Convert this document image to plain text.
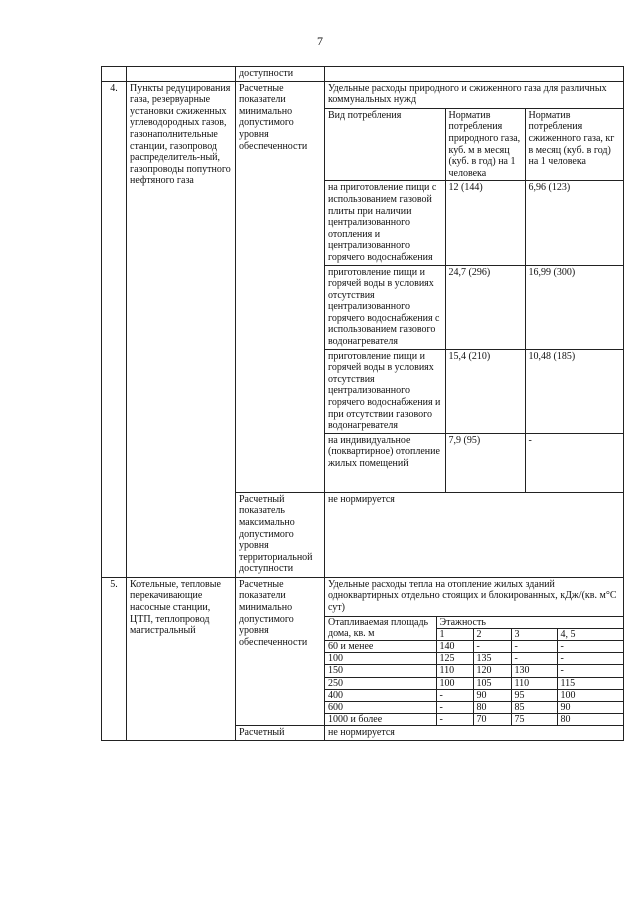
7
		доступности	
4.	Пункты редуцирования газа, резервуарные установки сжиженных углеводородных газов, газонаполнительные станции, газопровод распределитель-ный, газопроводы попутного нефтяного газа	Расчетные показатели минимально допустимого уровня обеспеченности	
Удельные расходы природного и сжиженного газа для различных коммунальных нужд
Вид потребления	Норматив потребления природного газа, куб. м в месяц (куб. в год) на 1 человека	Норматив потребления сжиженного газа, кг в месяц (куб. в год) на 1 человека
на приготовление пищи с использованием газовой плиты при наличии централизованного отопления и централизованного горячего водоснабжения	12 (144)	6,96 (123)
приготовление пищи и горячей воды в условиях отсутствия централизованного горячего водоснабжения с использованием газового водонагревателя	24,7 (296)	16,99 (300)
приготовление пищи и горячей воды в условиях отсутствия централизованного горячего водоснабжения и при отсутствии газового водонагревателя	15,4 (210)	10,48 (185)
на индивидуальное (поквартирное) отопление жилых помещений	7,9 (95)	-

Расчетный показатель максимально допустимого уровня территориальной доступности	не нормируется
5.	Котельные, тепловые перекачивающие насосные станции, ЦТП, теплопровод магистральный	Расчетные показатели минимально допустимого уровня обеспеченности	
Удельные расходы тепла на отопление жилых зданий одноквартирных отдельно стоящих и блокированных, кДж/(кв. м°С сут)
Отапливаемая площадь дома, кв. м	Этажность
1	2	3	4, 5
60 и менее	140	-	-	-
100	125	135	-	-
150	110	120	130	-
250	100	105	110	115
400	-	90	95	100
600	-	80	85	90
1000 и более	-	70	75	80

Расчетный	не нормируется
